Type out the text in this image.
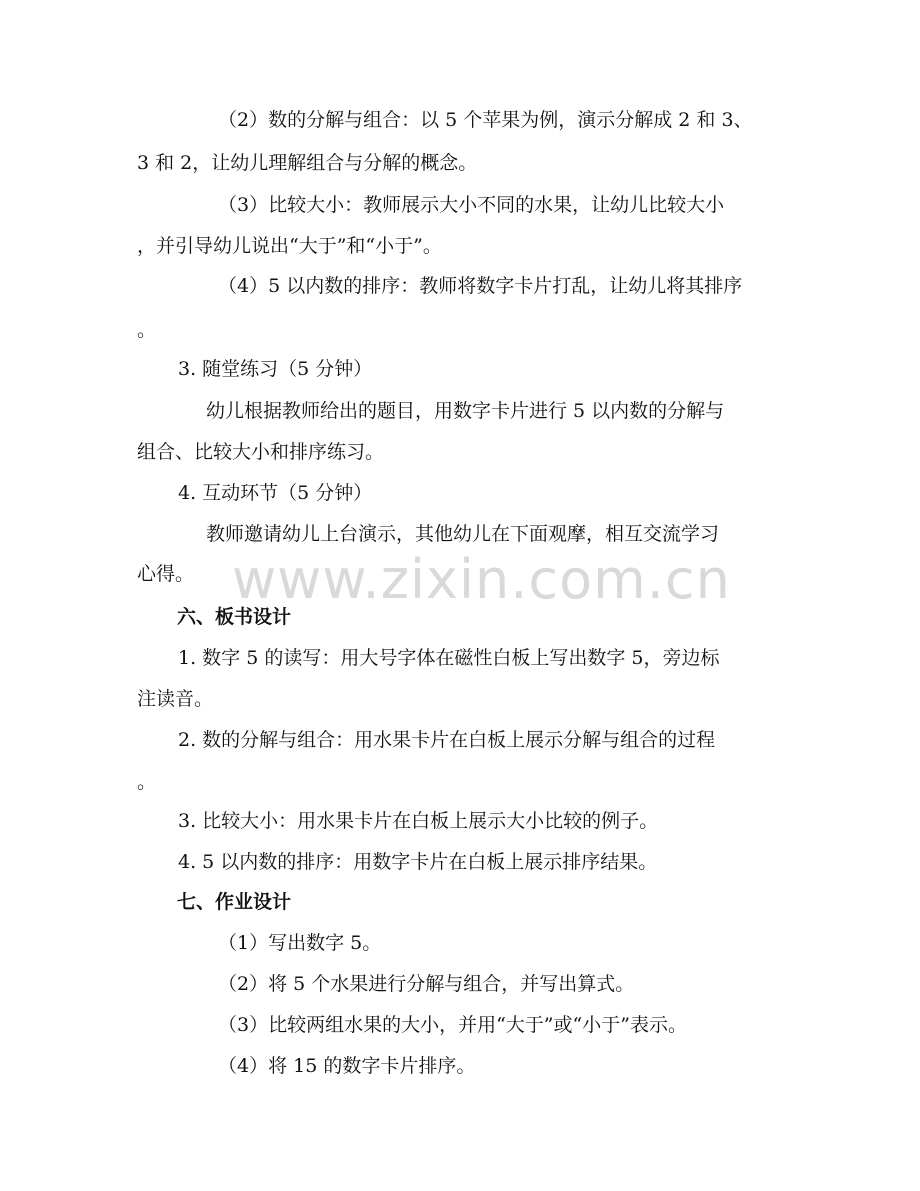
（2）数的分解与组合：以 5 个苹果为例，演示分解成 2 和 3、
3 和 2，让幼儿理解组合与分解的概念。
（3）比较大小：教师展示大小不同的水果，让幼儿比较大小
，并引导幼儿说出“大于”和“小于”。
（4）5 以内数的排序：教师将数字卡片打乱，让幼儿将其排序
。
3. 随堂练习（5 分钟）
幼儿根据教师给出的题目，用数字卡片进行 5 以内数的分解与
组合、比较大小和排序练习。
4. 互动环节（5 分钟）
教师邀请幼儿上台演示，其他幼儿在下面观摩，相互交流学习
心得。
六、板书设计
1. 数字 5 的读写：用大号字体在磁性白板上写出数字 5，旁边标
注读音。
2. 数的分解与组合：用水果卡片在白板上展示分解与组合的过程
。
3. 比较大小：用水果卡片在白板上展示大小比较的例子。
4. 5 以内数的排序：用数字卡片在白板上展示排序结果。
七、作业设计
（1）写出数字 5。
（2）将 5 个水果进行分解与组合，并写出算式。
（3）比较两组水果的大小，并用“大于”或“小于”表示。
（4）将 15 的数字卡片排序。
www.zixin.com.cn
